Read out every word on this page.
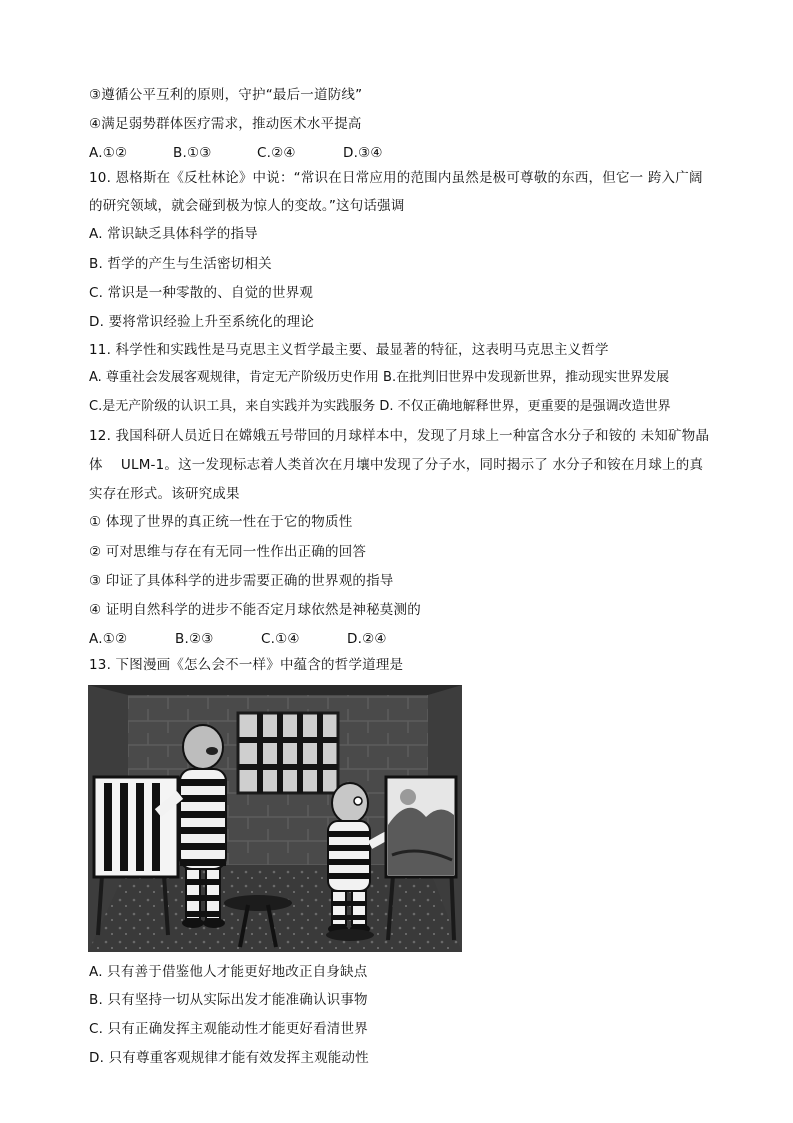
③遵循公平互利的原则，守护“最后一道防线”
④满足弱势群体医疗需求，推动医术水平提高
A.①②	B.①③	C.②④	D.③④
10. 恩格斯在《反杜林论》中说：“常识在日常应用的范围内虽然是极可尊敬的东西，但它一 跨入广阔
的研究领域，就会碰到极为惊人的变故。”这句话强调
A. 常识缺乏具体科学的指导
B. 哲学的产生与生活密切相关
C. 常识是一种零散的、自觉的世界观
D. 要将常识经验上升至系统化的理论
11. 科学性和实践性是马克思主义哲学最主要、最显著的特征，这表明马克思主义哲学
A. 尊重社会发展客观规律，肯定无产阶级历史作用 B.在批判旧世界中发现新世界，推动现实世界发展
C.是无产阶级的认识工具，来自实践并为实践服务 D. 不仅正确地解释世界，更重要的是强调改造世界
12. 我国科研人员近日在嫦娥五号带回的月球样本中，发现了月球上一种富含水分子和铵的 未知矿物晶
体　 ULM-1。这一发现标志着人类首次在月壤中发现了分子水，同时揭示了 水分子和铵在月球上的真
实存在形式。该研究成果
① 体现了世界的真正统一性在于它的物质性
② 可对思维与存在有无同一性作出正确的回答
③ 印证了具体科学的进步需要正确的世界观的指导
④ 证明自然科学的进步不能否定月球依然是神秘莫测的
A.①②	B.②③	C.①④	D.②④
13. 下图漫画《怎么会不一样》中蕴含的哲学道理是
A. 只有善于借鉴他人才能更好地改正自身缺点
B. 只有坚持一切从实际出发才能准确认识事物
C. 只有正确发挥主观能动性才能更好看清世界
D. 只有尊重客观规律才能有效发挥主观能动性
